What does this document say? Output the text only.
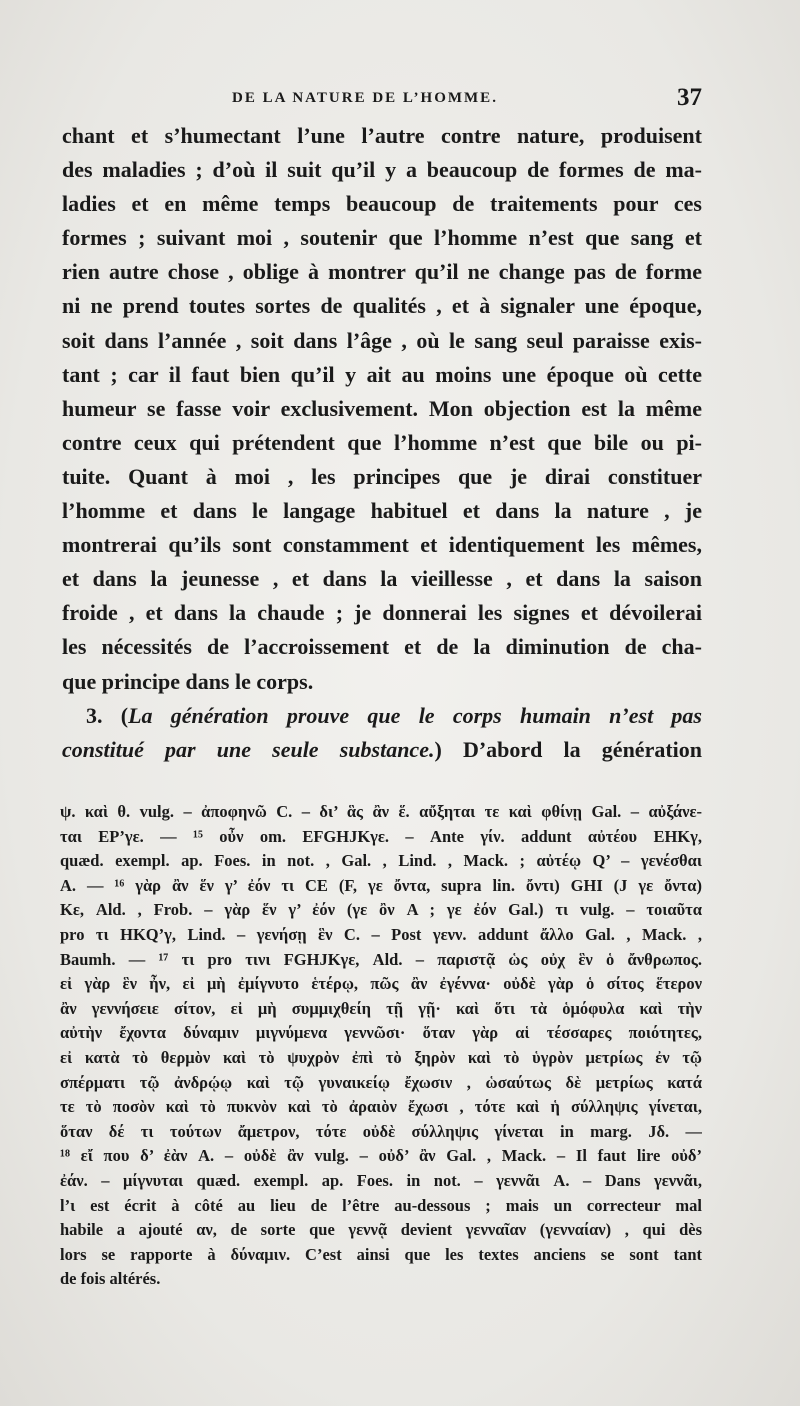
DE LA NATURE DE L’HOMME.	37
chant et s’humectant l’une l’autre contre nature, produisent
des maladies ; d’où il suit qu’il y a beaucoup de formes de ma-
ladies et en même temps beaucoup de traitements pour ces
formes ; suivant moi , soutenir que l’homme n’est que sang et
rien autre chose , oblige à montrer qu’il ne change pas de forme
ni ne prend toutes sortes de qualités , et à signaler une époque,
soit dans l’année , soit dans l’âge , où le sang seul paraisse exis-
tant ; car il faut bien qu’il y ait au moins une époque où cette
humeur se fasse voir exclusivement. Mon objection est la même
contre ceux qui prétendent que l’homme n’est que bile ou pi-
tuite. Quant à moi , les principes que je dirai constituer
l’homme et dans le langage habituel et dans la nature , je
montrerai qu’ils sont constamment et identiquement les mêmes,
et dans la jeunesse , et dans la vieillesse , et dans la saison
froide , et dans la chaude ; je donnerai les signes et dévoilerai
les nécessités de l’accroissement et de la diminution de cha-
que principe dans le corps.
3. (La génération prouve que le corps humain n’est pas
constitué par une seule substance.) D’abord la génération
ψ. καὶ θ. vulg. – ἀποφηνῶ C. – δι’ ἃς ἂν ἕ. αὔξηται τε καὶ φθίνῃ Gal. – αὐξάνε-
ται EP’γε. — ¹⁵ οὖν om. EFGHJKγε. – Ante γίν. addunt αὐτέου EHKγ,
quæd. exempl. ap. Foes. in not. , Gal. , Lind. , Mack. ; αὐτέῳ Q’ – γενέσθαι
A. — ¹⁶ γὰρ ἂν ἕν γ’ ἐόν τι CE (F, γε ὄντα, supra lin. ὄντι) GHI (J γε ὄντα)
Kε, Ald. , Frob. – γὰρ ἕν γ’ ἐόν (γε ὂν A ; γε ἐόν Gal.) τι vulg. – τοιαῦτα
pro τι HKQ’γ, Lind. – γενήσῃ ἓν C. – Post γενν. addunt ἄλλο Gal. , Mack. ,
Baumh. — ¹⁷ τι pro τινι FGHJKγε, Ald. – παριστᾷ ὡς οὐχ ἓν ὁ ἄνθρωπος.
εἰ γὰρ ἓν ἦν, εἰ μὴ ἐμίγνυτο ἑτέρῳ, πῶς ἂν ἐγέννα· οὐδὲ γὰρ ὁ σίτος ἕτερον
ἂν γεννήσειε σίτον, εἰ μὴ συμμιχθείη τῇ γῇ· καὶ ὅτι τὰ ὁμόφυλα καὶ τὴν
αὐτὴν ἔχοντα δύναμιν μιγνύμενα γεννῶσι· ὅταν γὰρ αἱ τέσσαρες ποιότητες,
εἰ κατὰ τὸ θερμὸν καὶ τὸ ψυχρὸν ἐπὶ τὸ ξηρὸν καὶ τὸ ὑγρὸν μετρίως ἐν τῷ
σπέρματι τῷ ἀνδρῴῳ καὶ τῷ γυναικείῳ ἔχωσιν , ὡσαύτως δὲ μετρίως κατά
τε τὸ ποσὸν καὶ τὸ πυκνὸν καὶ τὸ ἀραιὸν ἔχωσι , τότε καὶ ἡ σύλληψις γίνεται,
ὅταν δέ τι τούτων ἄμετρον, τότε οὐδὲ σύλληψις γίνεται in marg. Jδ. —
¹⁸ εἴ που δ’ ἐὰν A. – οὐδὲ ἂν vulg. – οὐδ’ ἂν Gal. , Mack. – Il faut lire οὐδ’
ἐάν. – μίγνυται quæd. exempl. ap. Foes. in not. – γεννᾶι A. – Dans γεννᾶι,
l’ι est écrit à côté au lieu de l’être au-dessous ; mais un correcteur mal
habile a ajouté αν, de sorte que γεννᾷ devient γενναῖαν (γενναίαν) , qui dès
lors se rapporte à δύναμιν. C’est ainsi que les textes anciens se sont tant
de fois altérés.
